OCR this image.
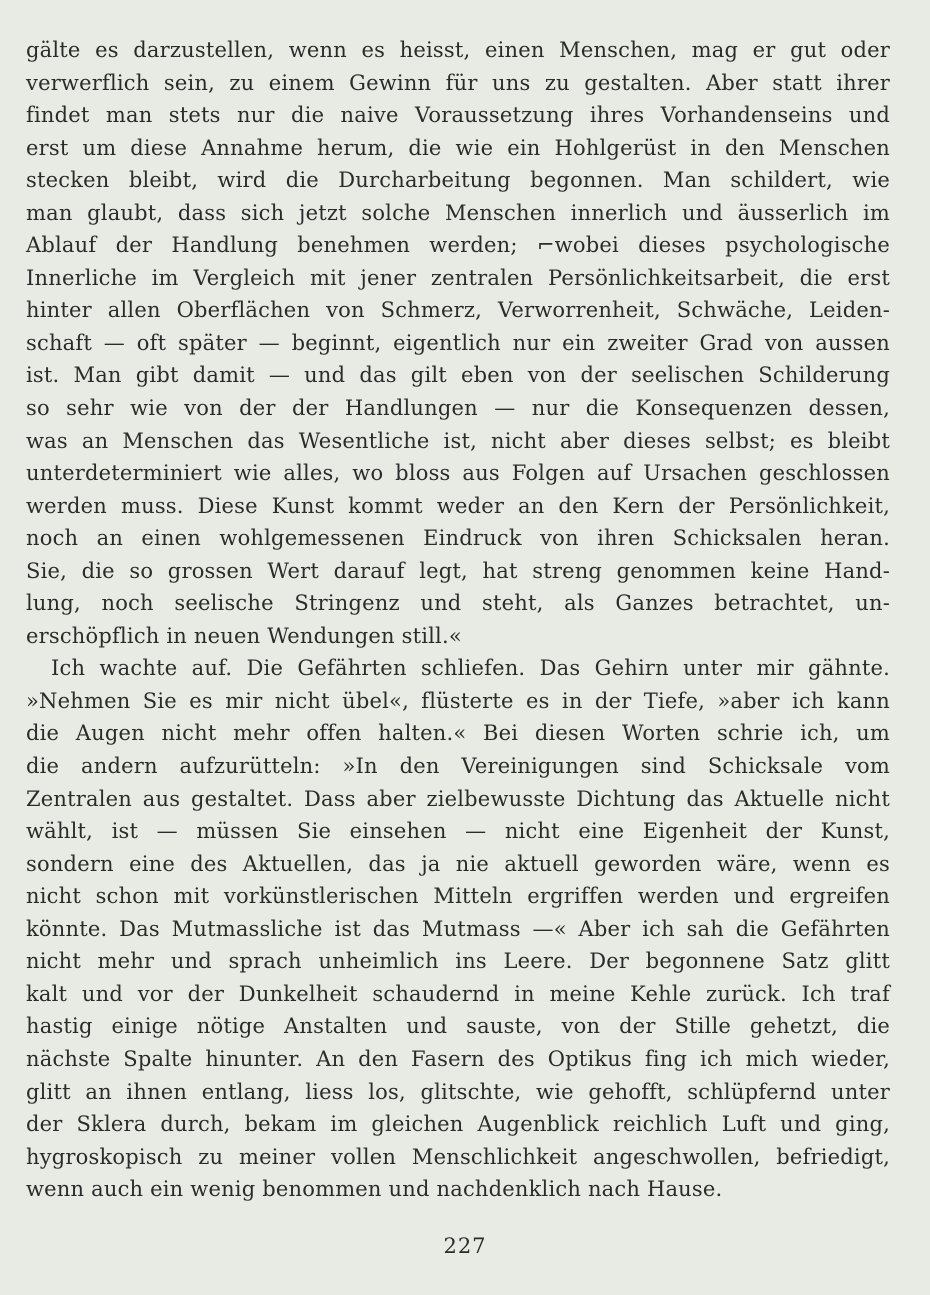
gälte es darzustellen, wenn es heisst, einen Menschen, mag er gut oder
verwerflich sein, zu einem Gewinn für uns zu gestalten. Aber statt ihrer
findet man stets nur die naive Voraussetzung ihres Vorhandenseins und
erst um diese Annahme herum, die wie ein Hohlgerüst in den Menschen
stecken bleibt, wird die Durcharbeitung begonnen. Man schildert, wie
man glaubt, dass sich jetzt solche Menschen innerlich und äusserlich im
Ablauf der Handlung benehmen werden; ⌐wobei dieses psychologische
Innerliche im Vergleich mit jener zentralen Persönlichkeitsarbeit, die erst
hinter allen Oberflächen von Schmerz, Verworrenheit, Schwäche, Leiden-
schaft — oft später — beginnt, eigentlich nur ein zweiter Grad von aussen
ist. Man gibt damit — und das gilt eben von der seelischen Schilderung
so sehr wie von der der Handlungen — nur die Konsequenzen dessen,
was an Menschen das Wesentliche ist, nicht aber dieses selbst; es bleibt
unterdeterminiert wie alles, wo bloss aus Folgen auf Ursachen geschlossen
werden muss. Diese Kunst kommt weder an den Kern der Persönlichkeit,
noch an einen wohlgemessenen Eindruck von ihren Schicksalen heran.
Sie, die so grossen Wert darauf legt, hat streng genommen keine Hand-
lung, noch seelische Stringenz und steht, als Ganzes betrachtet, un-
erschöpflich in neuen Wendungen still.«
Ich wachte auf. Die Gefährten schliefen. Das Gehirn unter mir gähnte.
»Nehmen Sie es mir nicht übel«, flüsterte es in der Tiefe, »aber ich kann
die Augen nicht mehr offen halten.« Bei diesen Worten schrie ich, um
die andern aufzurütteln: »In den Vereinigungen sind Schicksale vom
Zentralen aus gestaltet. Dass aber zielbewusste Dichtung das Aktuelle nicht
wählt, ist — müssen Sie einsehen — nicht eine Eigenheit der Kunst,
sondern eine des Aktuellen, das ja nie aktuell geworden wäre, wenn es
nicht schon mit vorkünstlerischen Mitteln ergriffen werden und ergreifen
könnte. Das Mutmassliche ist das Mutmass —« Aber ich sah die Gefährten
nicht mehr und sprach unheimlich ins Leere. Der begonnene Satz glitt
kalt und vor der Dunkelheit schaudernd in meine Kehle zurück. Ich traf
hastig einige nötige Anstalten und sauste, von der Stille gehetzt, die
nächste Spalte hinunter. An den Fasern des Optikus fing ich mich wieder,
glitt an ihnen entlang, liess los, glitschte, wie gehofft, schlüpfernd unter
der Sklera durch, bekam im gleichen Augenblick reichlich Luft und ging,
hygroskopisch zu meiner vollen Menschlichkeit angeschwollen, befriedigt,
wenn auch ein wenig benommen und nachdenklich nach Hause.
227
